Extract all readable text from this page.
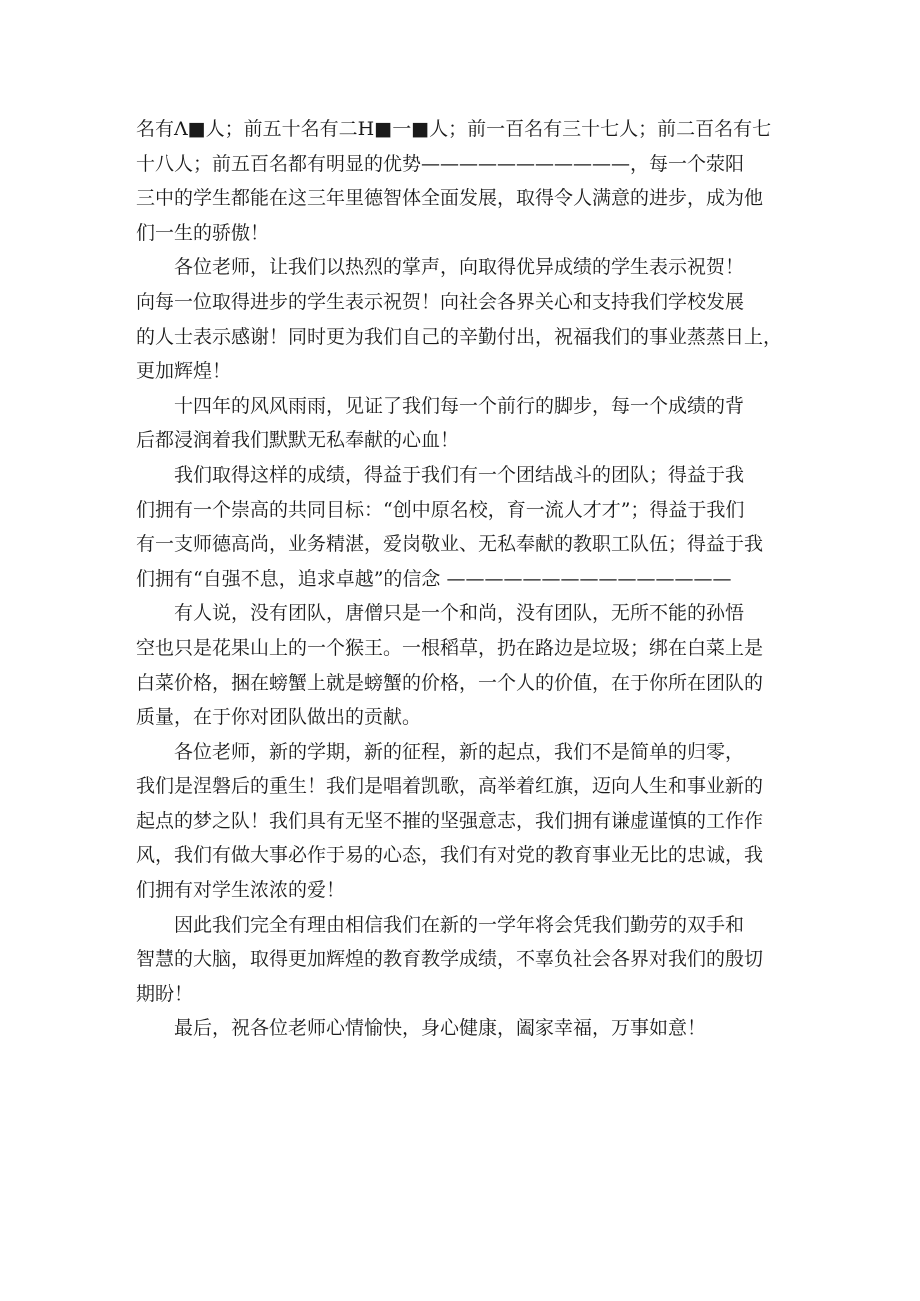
名有Λ■人；前五十名有二H■一■人；前一百名有三十七人；前二百名有七
十八人；前五百名都有明显的优势———————————，每一个荥阳
三中的学生都能在这三年里德智体全面发展，取得令人满意的进步，成为他
们一生的骄傲！
各位老师，让我们以热烈的掌声，向取得优异成绩的学生表示祝贺！
向每一位取得进步的学生表示祝贺！向社会各界关心和支持我们学校发展
的人士表示感谢！同时更为我们自己的辛勤付出，祝福我们的事业蒸蒸日上，
更加辉煌！
十四年的风风雨雨，见证了我们每一个前行的脚步，每一个成绩的背
后都浸润着我们默默无私奉献的心血！
我们取得这样的成绩，得益于我们有一个团结战斗的团队；得益于我
们拥有一个崇高的共同目标：“创中原名校，育一流人才才”；得益于我们
有一支师德高尚，业务精湛，爱岗敬业、无私奉献的教职工队伍；得益于我
们拥有“自强不息，追求卓越”的信念 ———————————————
有人说，没有团队，唐僧只是一个和尚，没有团队，无所不能的孙悟
空也只是花果山上的一个猴王。一根稻草，扔在路边是垃圾；绑在白菜上是
白菜价格，捆在螃蟹上就是螃蟹的价格，一个人的价值，在于你所在团队的
质量，在于你对团队做出的贡献。
各位老师，新的学期，新的征程，新的起点，我们不是简单的归零，
我们是涅磐后的重生！我们是唱着凯歌，高举着红旗，迈向人生和事业新的
起点的梦之队！我们具有无坚不摧的坚强意志，我们拥有谦虚谨慎的工作作
风，我们有做大事必作于易的心态，我们有对党的教育事业无比的忠诚，我
们拥有对学生浓浓的爱！
因此我们完全有理由相信我们在新的一学年将会凭我们勤劳的双手和
智慧的大脑，取得更加辉煌的教育教学成绩，不辜负社会各界对我们的殷切
期盼！
最后，祝各位老师心情愉快，身心健康，阖家幸福，万事如意！
